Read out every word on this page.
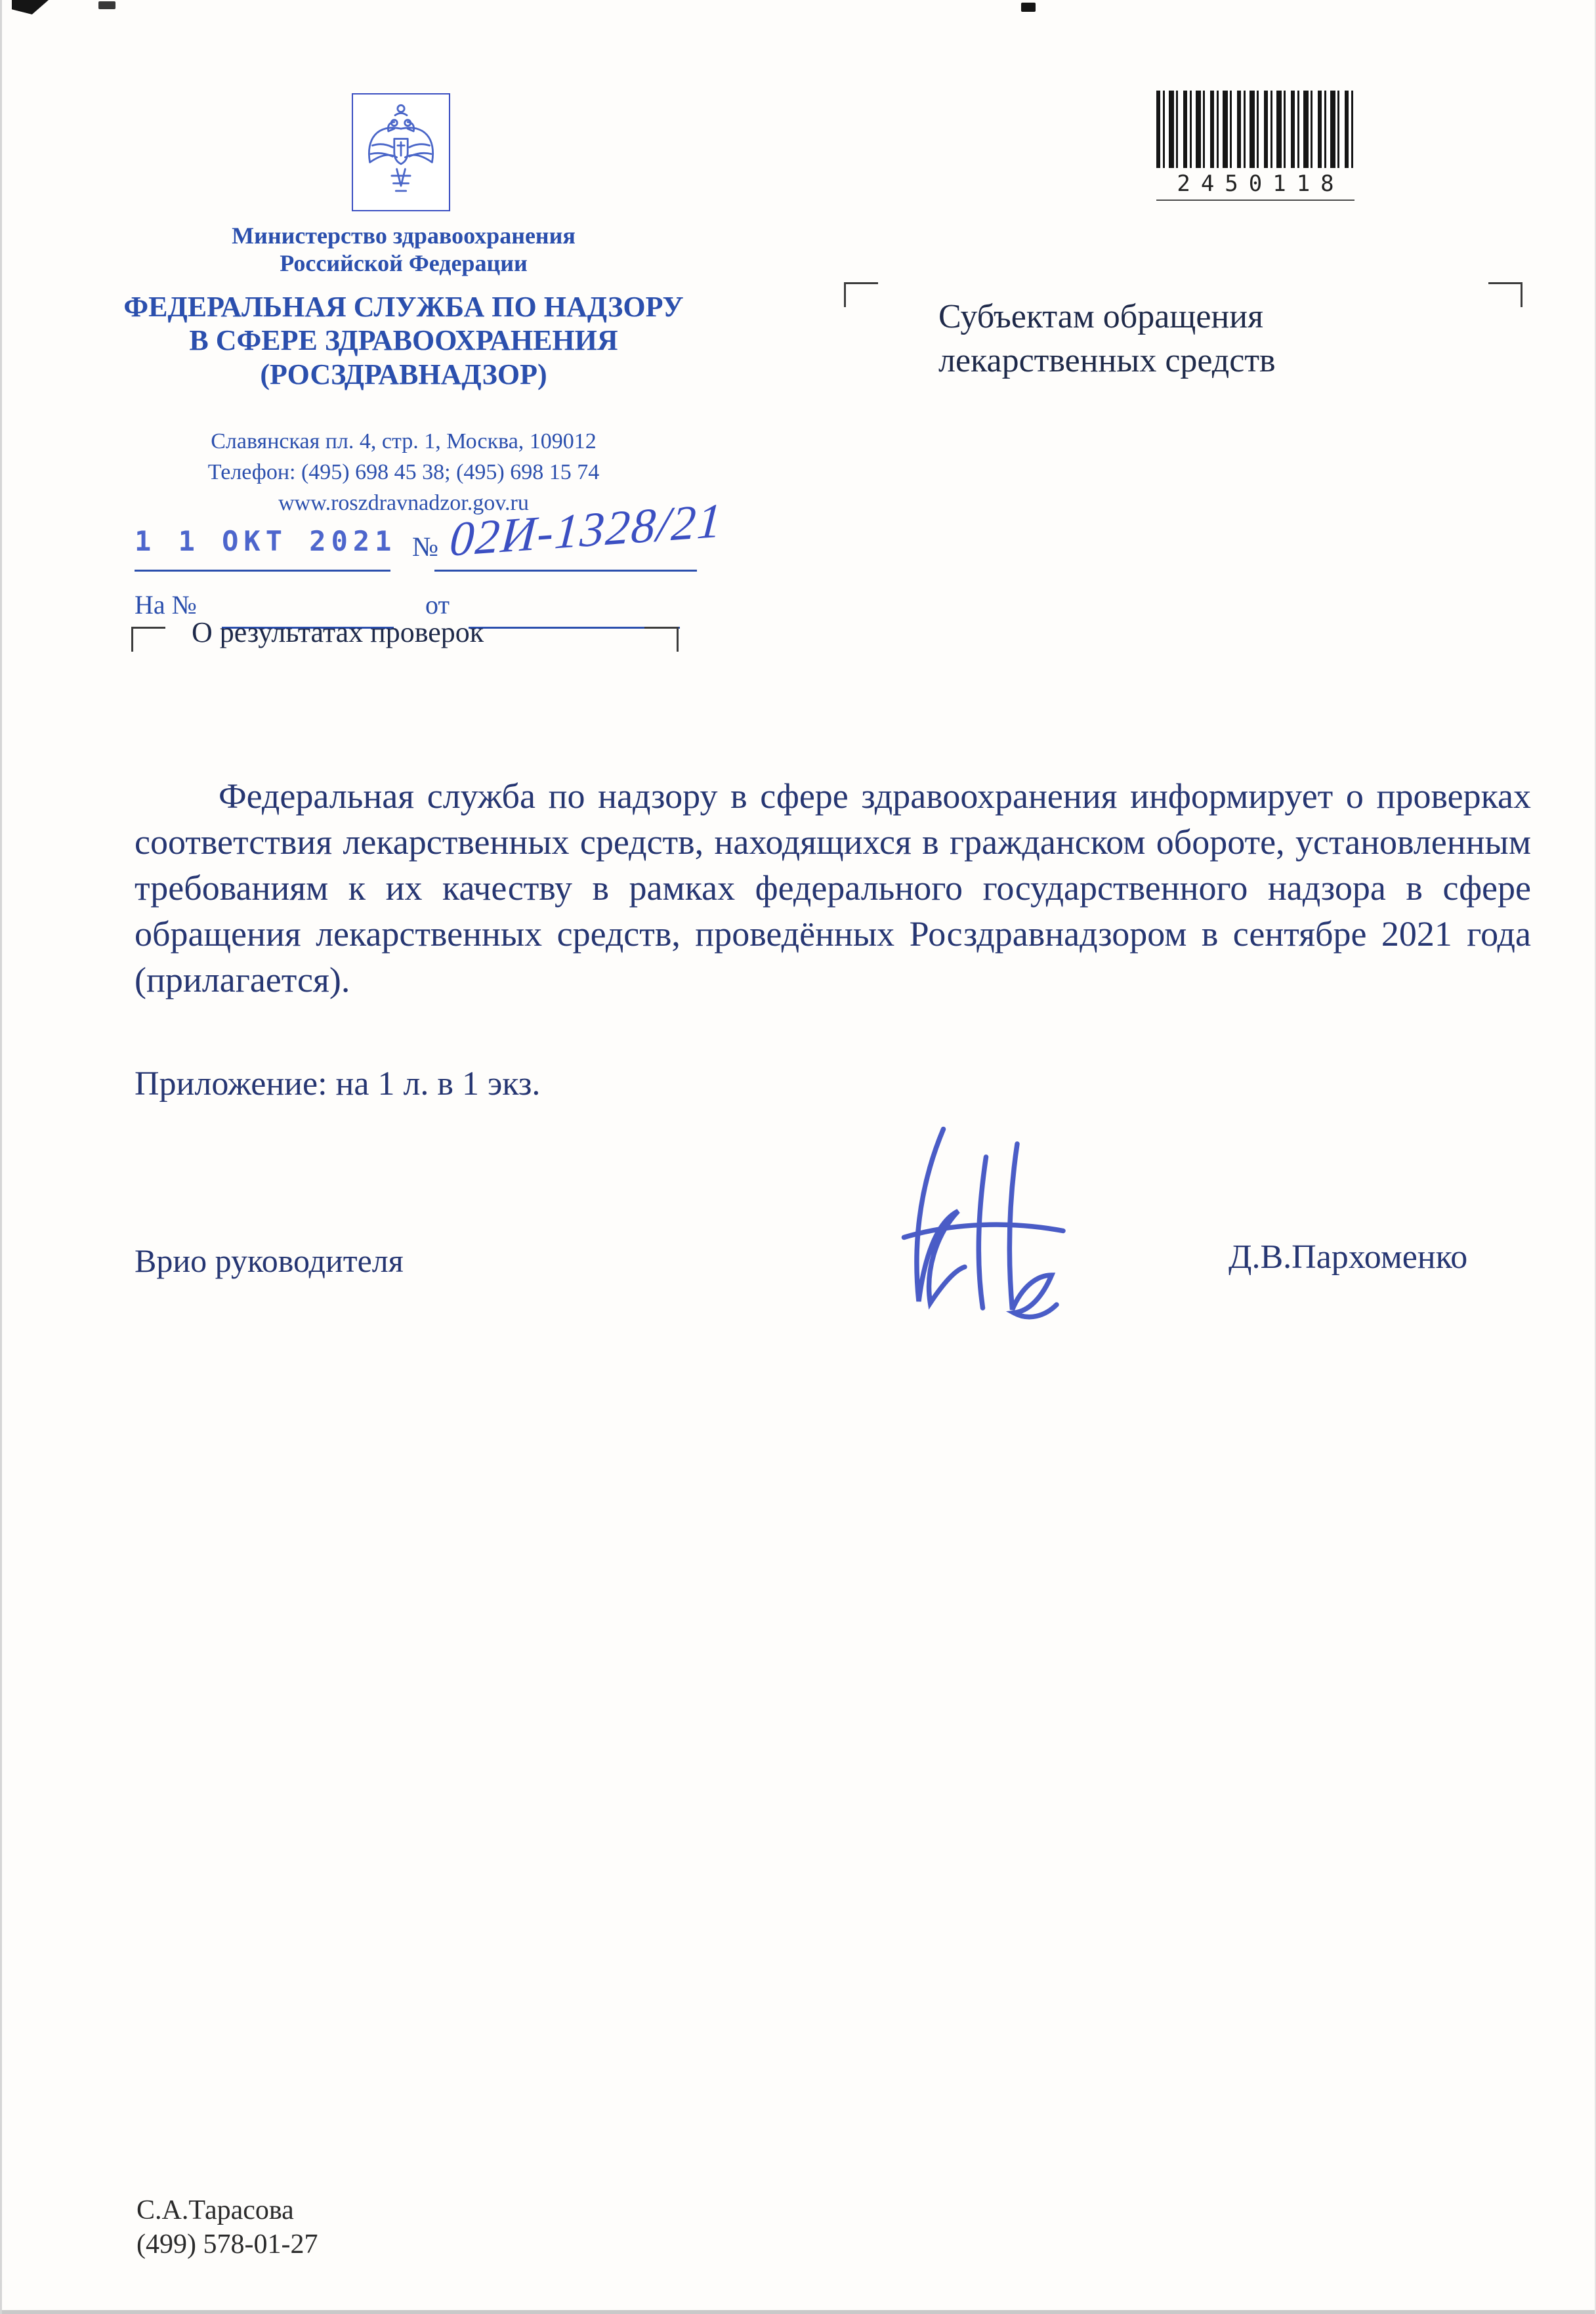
Министерство здравоохранения
Российской Федерации
ФЕДЕРАЛЬНАЯ СЛУЖБА ПО НАДЗОРУ
В СФЕРЕ ЗДРАВООХРАНЕНИЯ
(РОСЗДРАВНАДЗОР)
Славянская пл. 4, стр. 1, Москва, 109012
Телефон: (495) 698 45 38; (495) 698 15 74
www.roszdravnadzor.gov.ru
1 1 ОКТ 2021 № 02И-1328/21
На №	от
О результатах проверок
2450118
Субъектам обращения
лекарственных средств

Федеральная служба по надзору в сфере здравоохранения информирует о проверках соответствия лекарственных средств, находящихся в гражданском обороте, установленным требованиям к их качеству в рамках федерального государственного надзора в сфере обращения лекарственных средств, проведённых Росздравнадзором в сентябре 2021 года (прилагается).

Приложение: на 1 л. в 1 экз.
Врио руководителя	Д.В.Пархоменко
С.А.Тарасова
(499) 578-01-27
